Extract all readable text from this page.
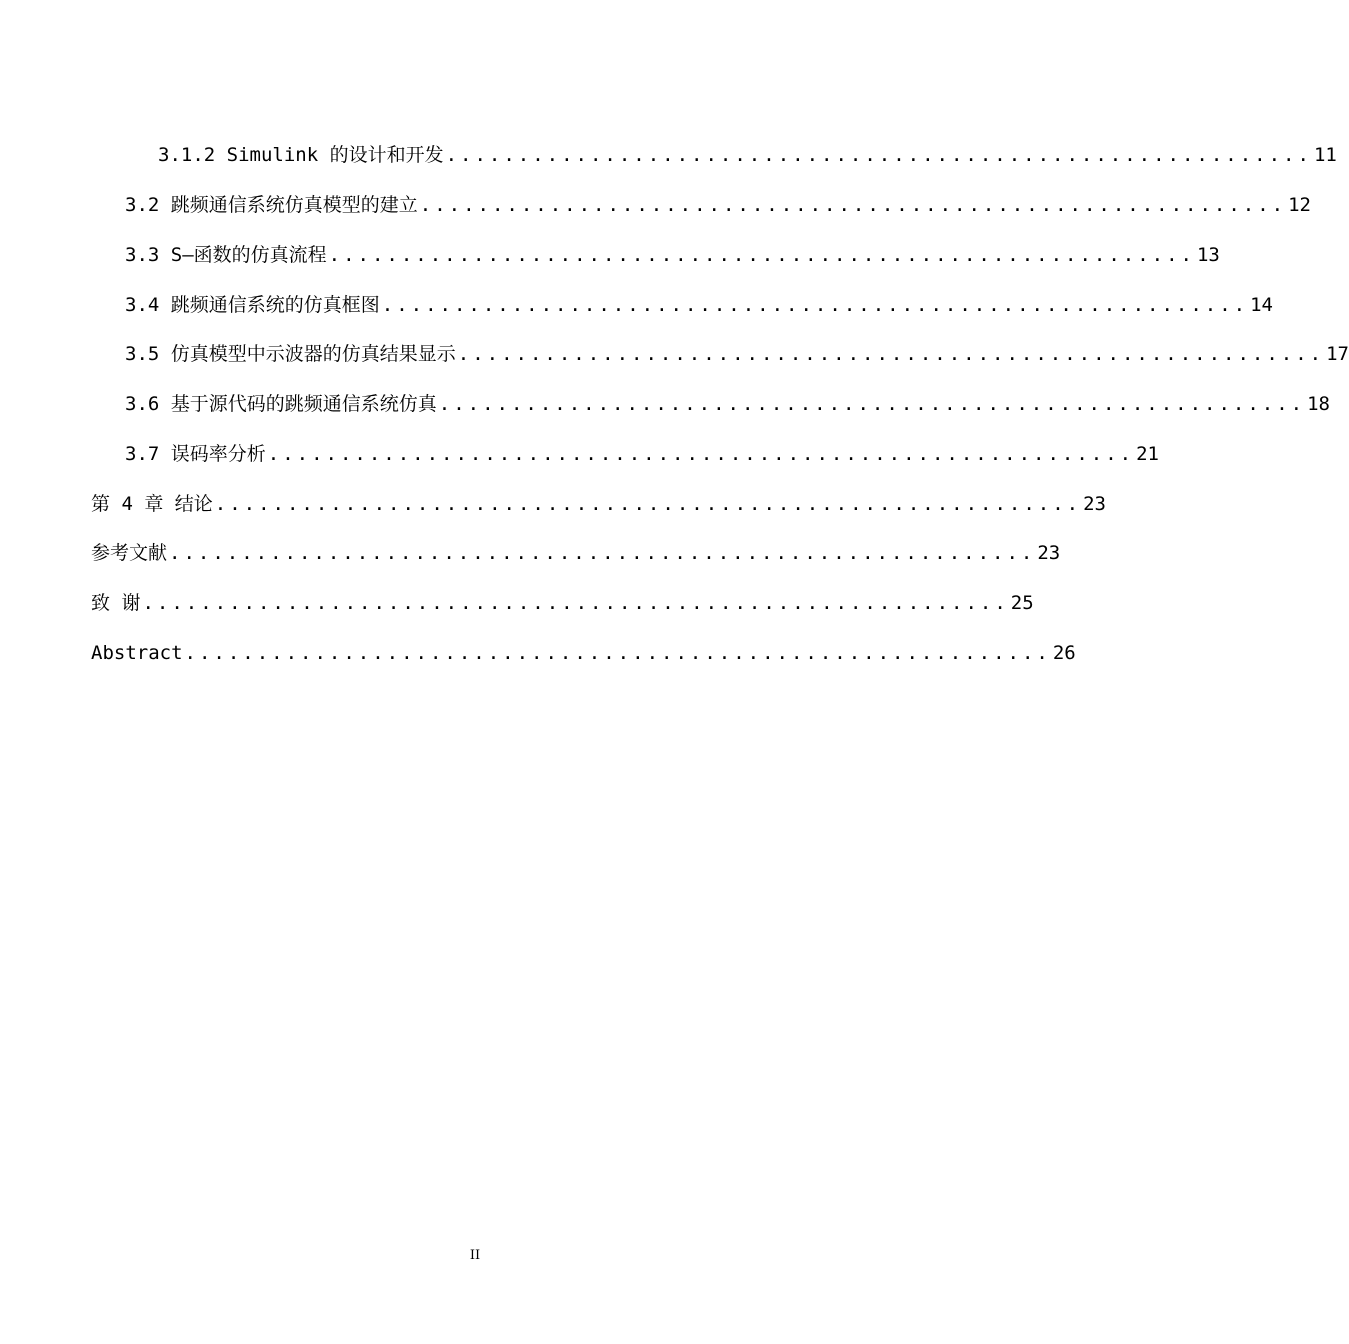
3.1.2 Simulink 的设计和开发 ............................................................ 11
3.2 跳频通信系统仿真模型的建立 ............................................................ 12
3.3 S—函数的仿真流程 ............................................................ 13
3.4 跳频通信系统的仿真框图 ............................................................ 14
3.5 仿真模型中示波器的仿真结果显示 ............................................................ 17
3.6 基于源代码的跳频通信系统仿真 ............................................................ 18
3.7 误码率分析 ............................................................ 21
第 4 章 结论 ............................................................ 23
参考文献 ............................................................ 23
致 谢 ............................................................ 25
Abstract ............................................................ 26
II
